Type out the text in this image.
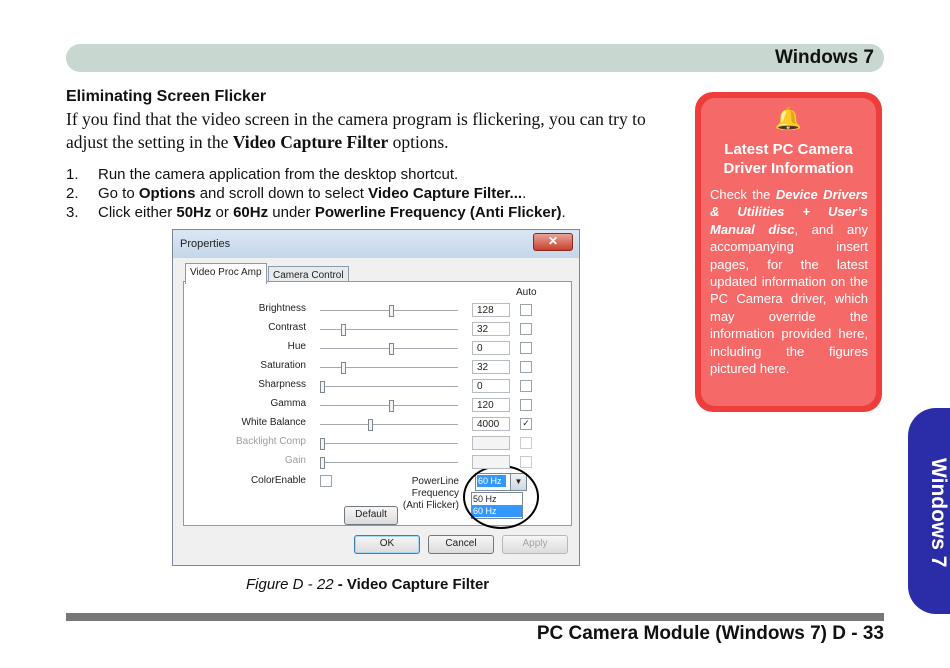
Windows 7
Eliminating Screen Flicker
If you find that the video screen in the camera program is flickering, you can try to adjust the setting in the Video Capture Filter options.
1. Run the camera application from the desktop shortcut.
2. Go to Options and scroll down to select Video Capture Filter....
3. Click either 50Hz or 60Hz under Powerline Frequency (Anti Flicker).
Properties	✕
Video Proc Amp	Camera Control
Auto
ColorEnable	PowerLine Frequency
(Anti Flicker)
60 Hz	▼
50 Hz
60 Hz
Default
OK	Cancel	Apply
Brightness	128
Contrast	32
Hue	0
Saturation	32
Sharpness	0
Gamma	120
White Balance	4000	✓
Backlight Comp
Gain
Figure D - 22 - Video Capture Filter
🔔
Latest PC Camera Driver Information
Check the Device Drivers & Utilities + User’s Manual disc, and any accompanying insert pages, for the latest updated information on the PC Camera driver, which may override the information provided here, including the figures pictured here.
Windows 7
PC Camera Module (Windows 7) D - 33
